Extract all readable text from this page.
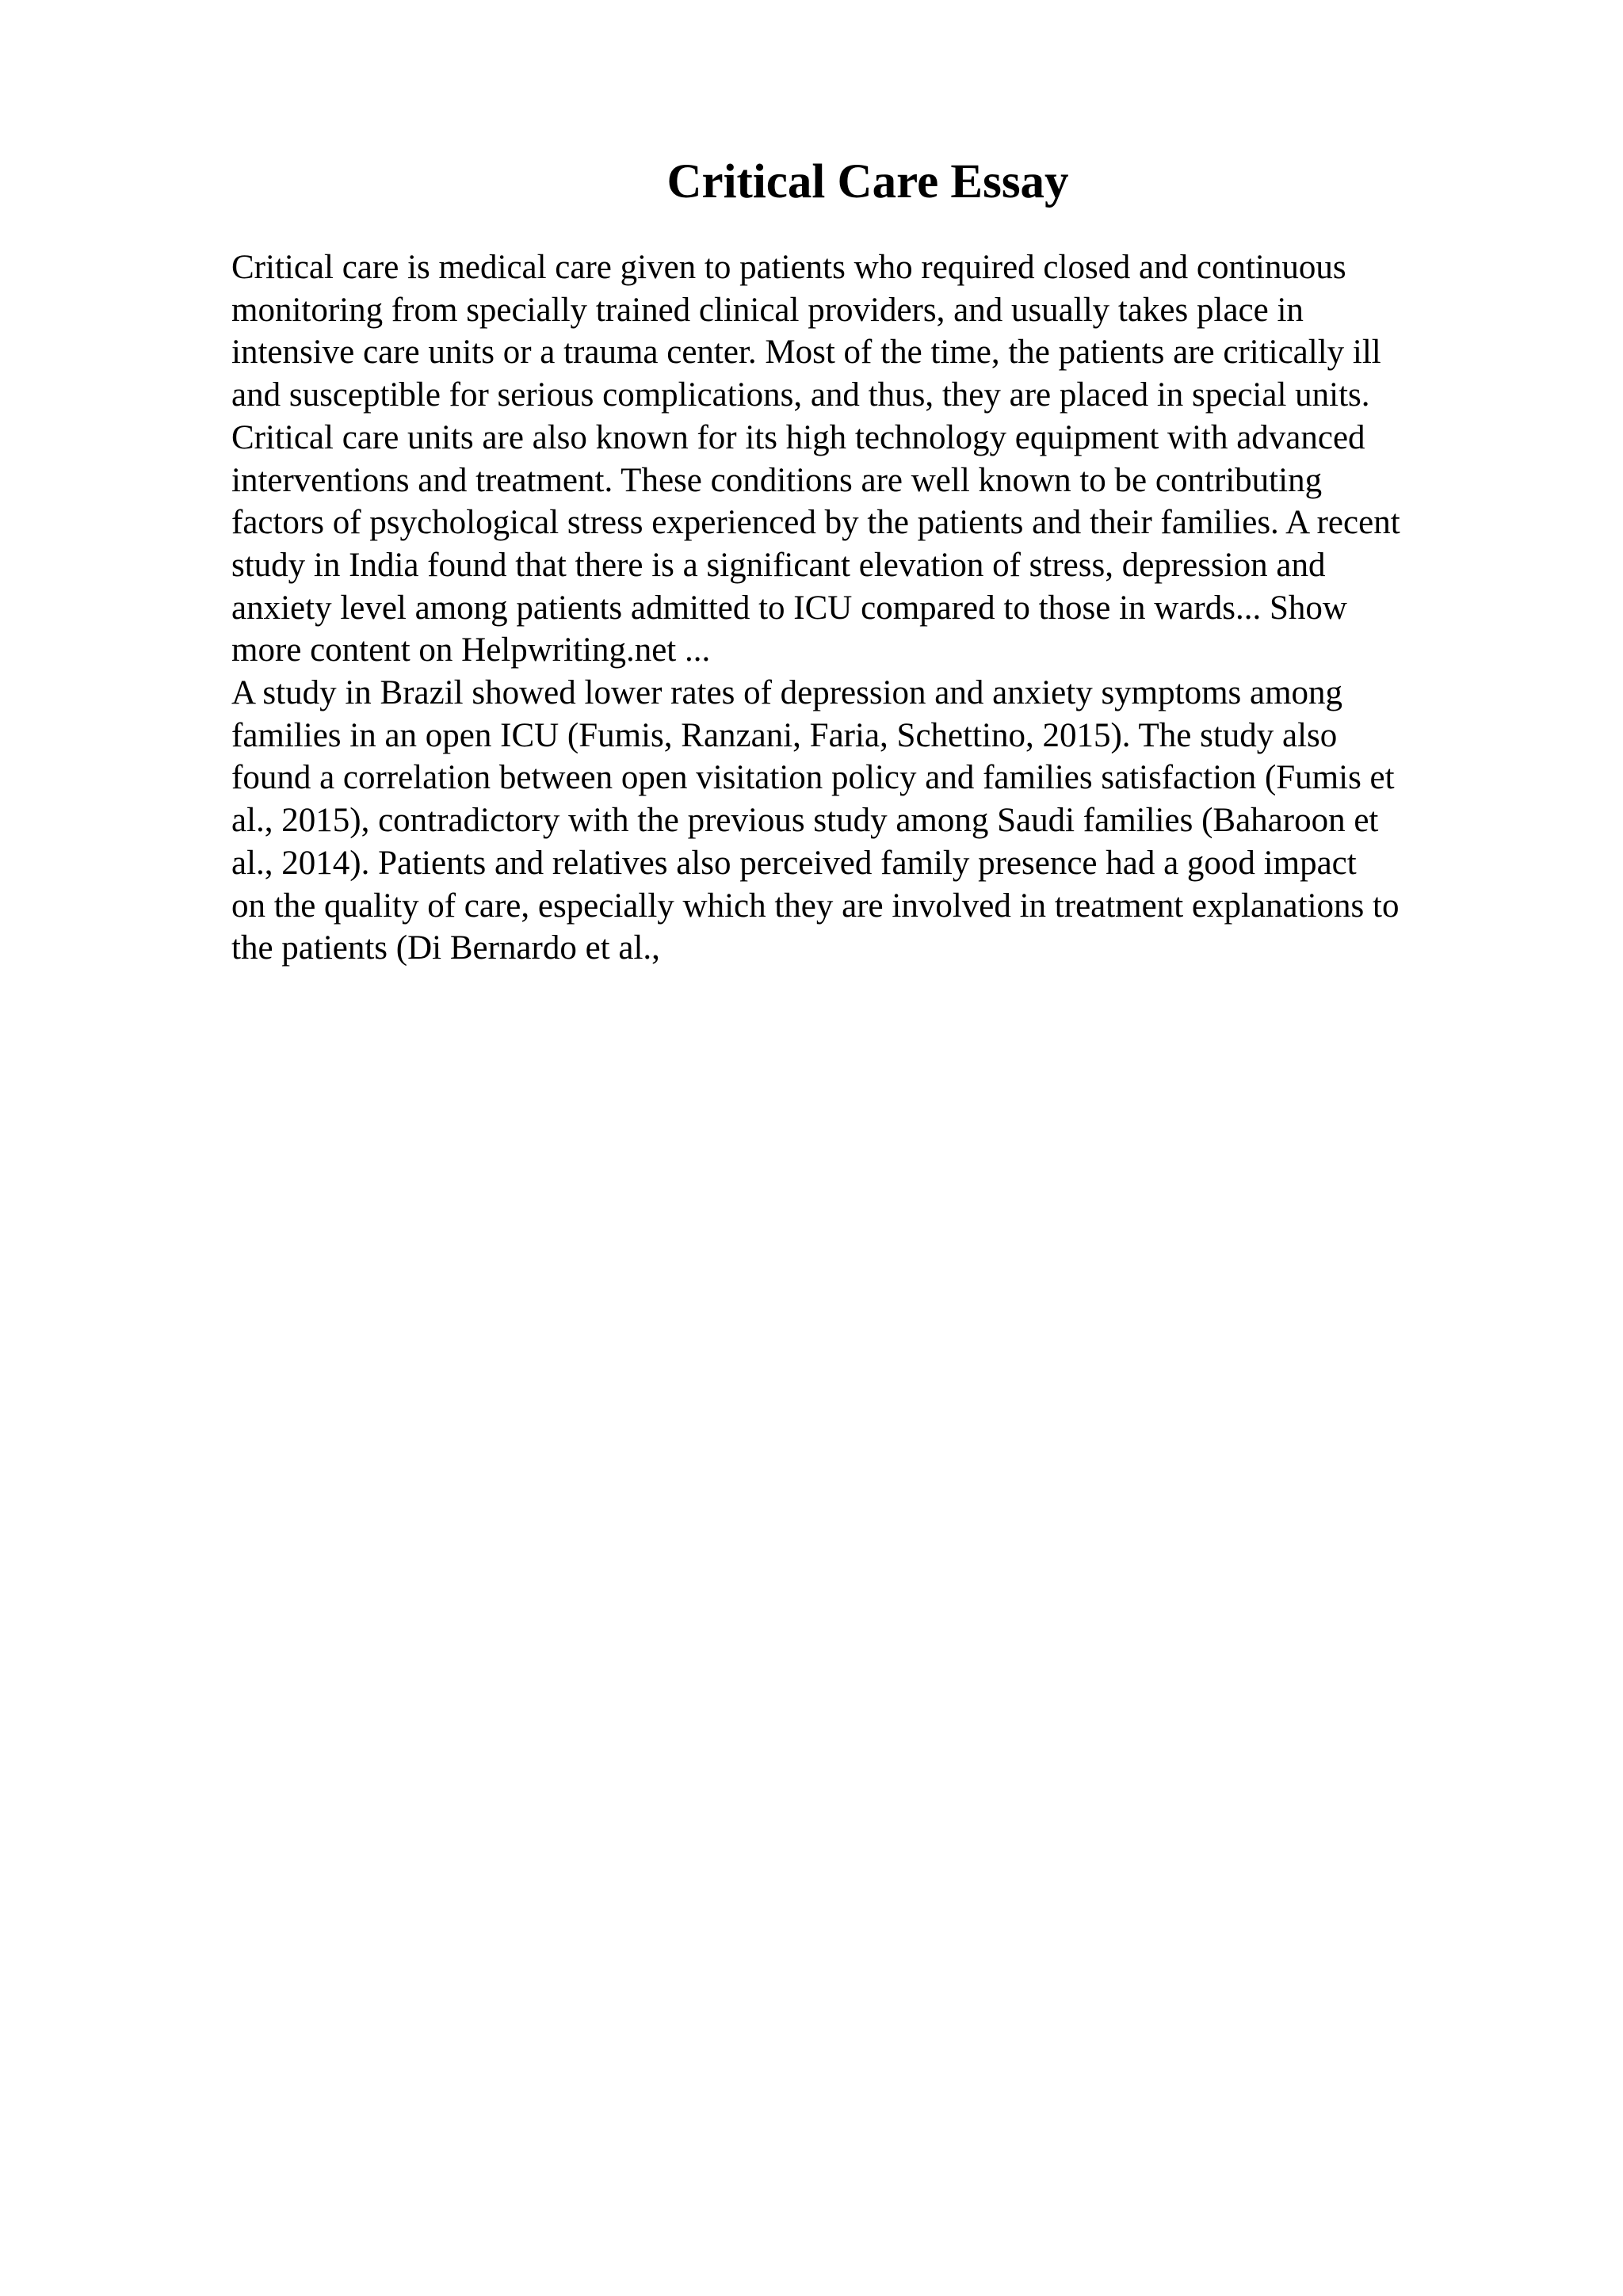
Critical Care Essay
Critical care is medical care given to patients who required closed and continuous
monitoring from specially trained clinical providers, and usually takes place in
intensive care units or a trauma center. Most of the time, the patients are critically ill
and susceptible for serious complications, and thus, they are placed in special units.
Critical care units are also known for its high technology equipment with advanced
interventions and treatment. These conditions are well known to be contributing
factors of psychological stress experienced by the patients and their families. A recent
study in India found that there is a significant elevation of stress, depression and
anxiety level among patients admitted to ICU compared to those in wards... Show
more content on Helpwriting.net ...
A study in Brazil showed lower rates of depression and anxiety symptoms among
families in an open ICU (Fumis, Ranzani, Faria, Schettino, 2015). The study also
found a correlation between open visitation policy and families satisfaction (Fumis et
al., 2015), contradictory with the previous study among Saudi families (Baharoon et
al., 2014). Patients and relatives also perceived family presence had a good impact
on the quality of care, especially which they are involved in treatment explanations to
the patients (Di Bernardo et al.,
